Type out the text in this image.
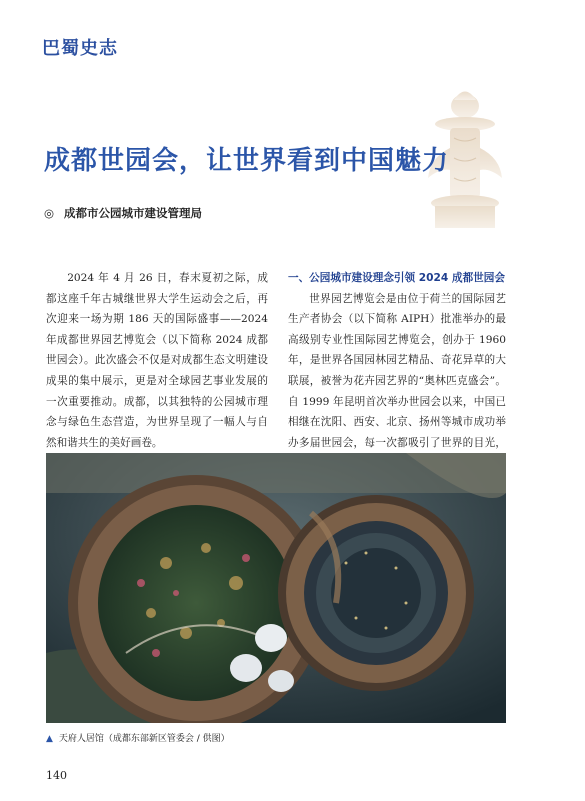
巴蜀史志
成都世园会，让世界看到中国魅力
◎ 成都市公园城市建设管理局

2024 年 4 月 26 日，春末夏初之际，成都这座千年古城继世界大学生运动会之后，再次迎来一场为期 186 天的国际盛事——2024 年成都世界园艺博览会（以下简称 2024 成都世园会）。此次盛会不仅是对成都生态文明建设成果的集中展示，更是对全球园艺事业发展的一次重要推动。成都，以其独特的公园城市理念与绿色生态营造，为世界呈现了一幅人与自然和谐共生的美好画卷。

一、公园城市建设理念引领 2024 成都世园会
世界园艺博览会是由位于荷兰的国际园艺生产者协会（以下简称 AIPH）批准举办的最高级别专业性国际园艺博览会，创办于 1960 年，是世界各国园林园艺精品、奇花异草的大联展，被誉为花卉园艺界的“奥林匹克盛会”。自 1999 年昆明首次举办世园会以来，中国已相继在沈阳、西安、北京、扬州等城市成功举办多届世园会，每一次都吸引了世界的目光，
▲ 天府人居馆（成都东部新区管委会 / 供图）
140
